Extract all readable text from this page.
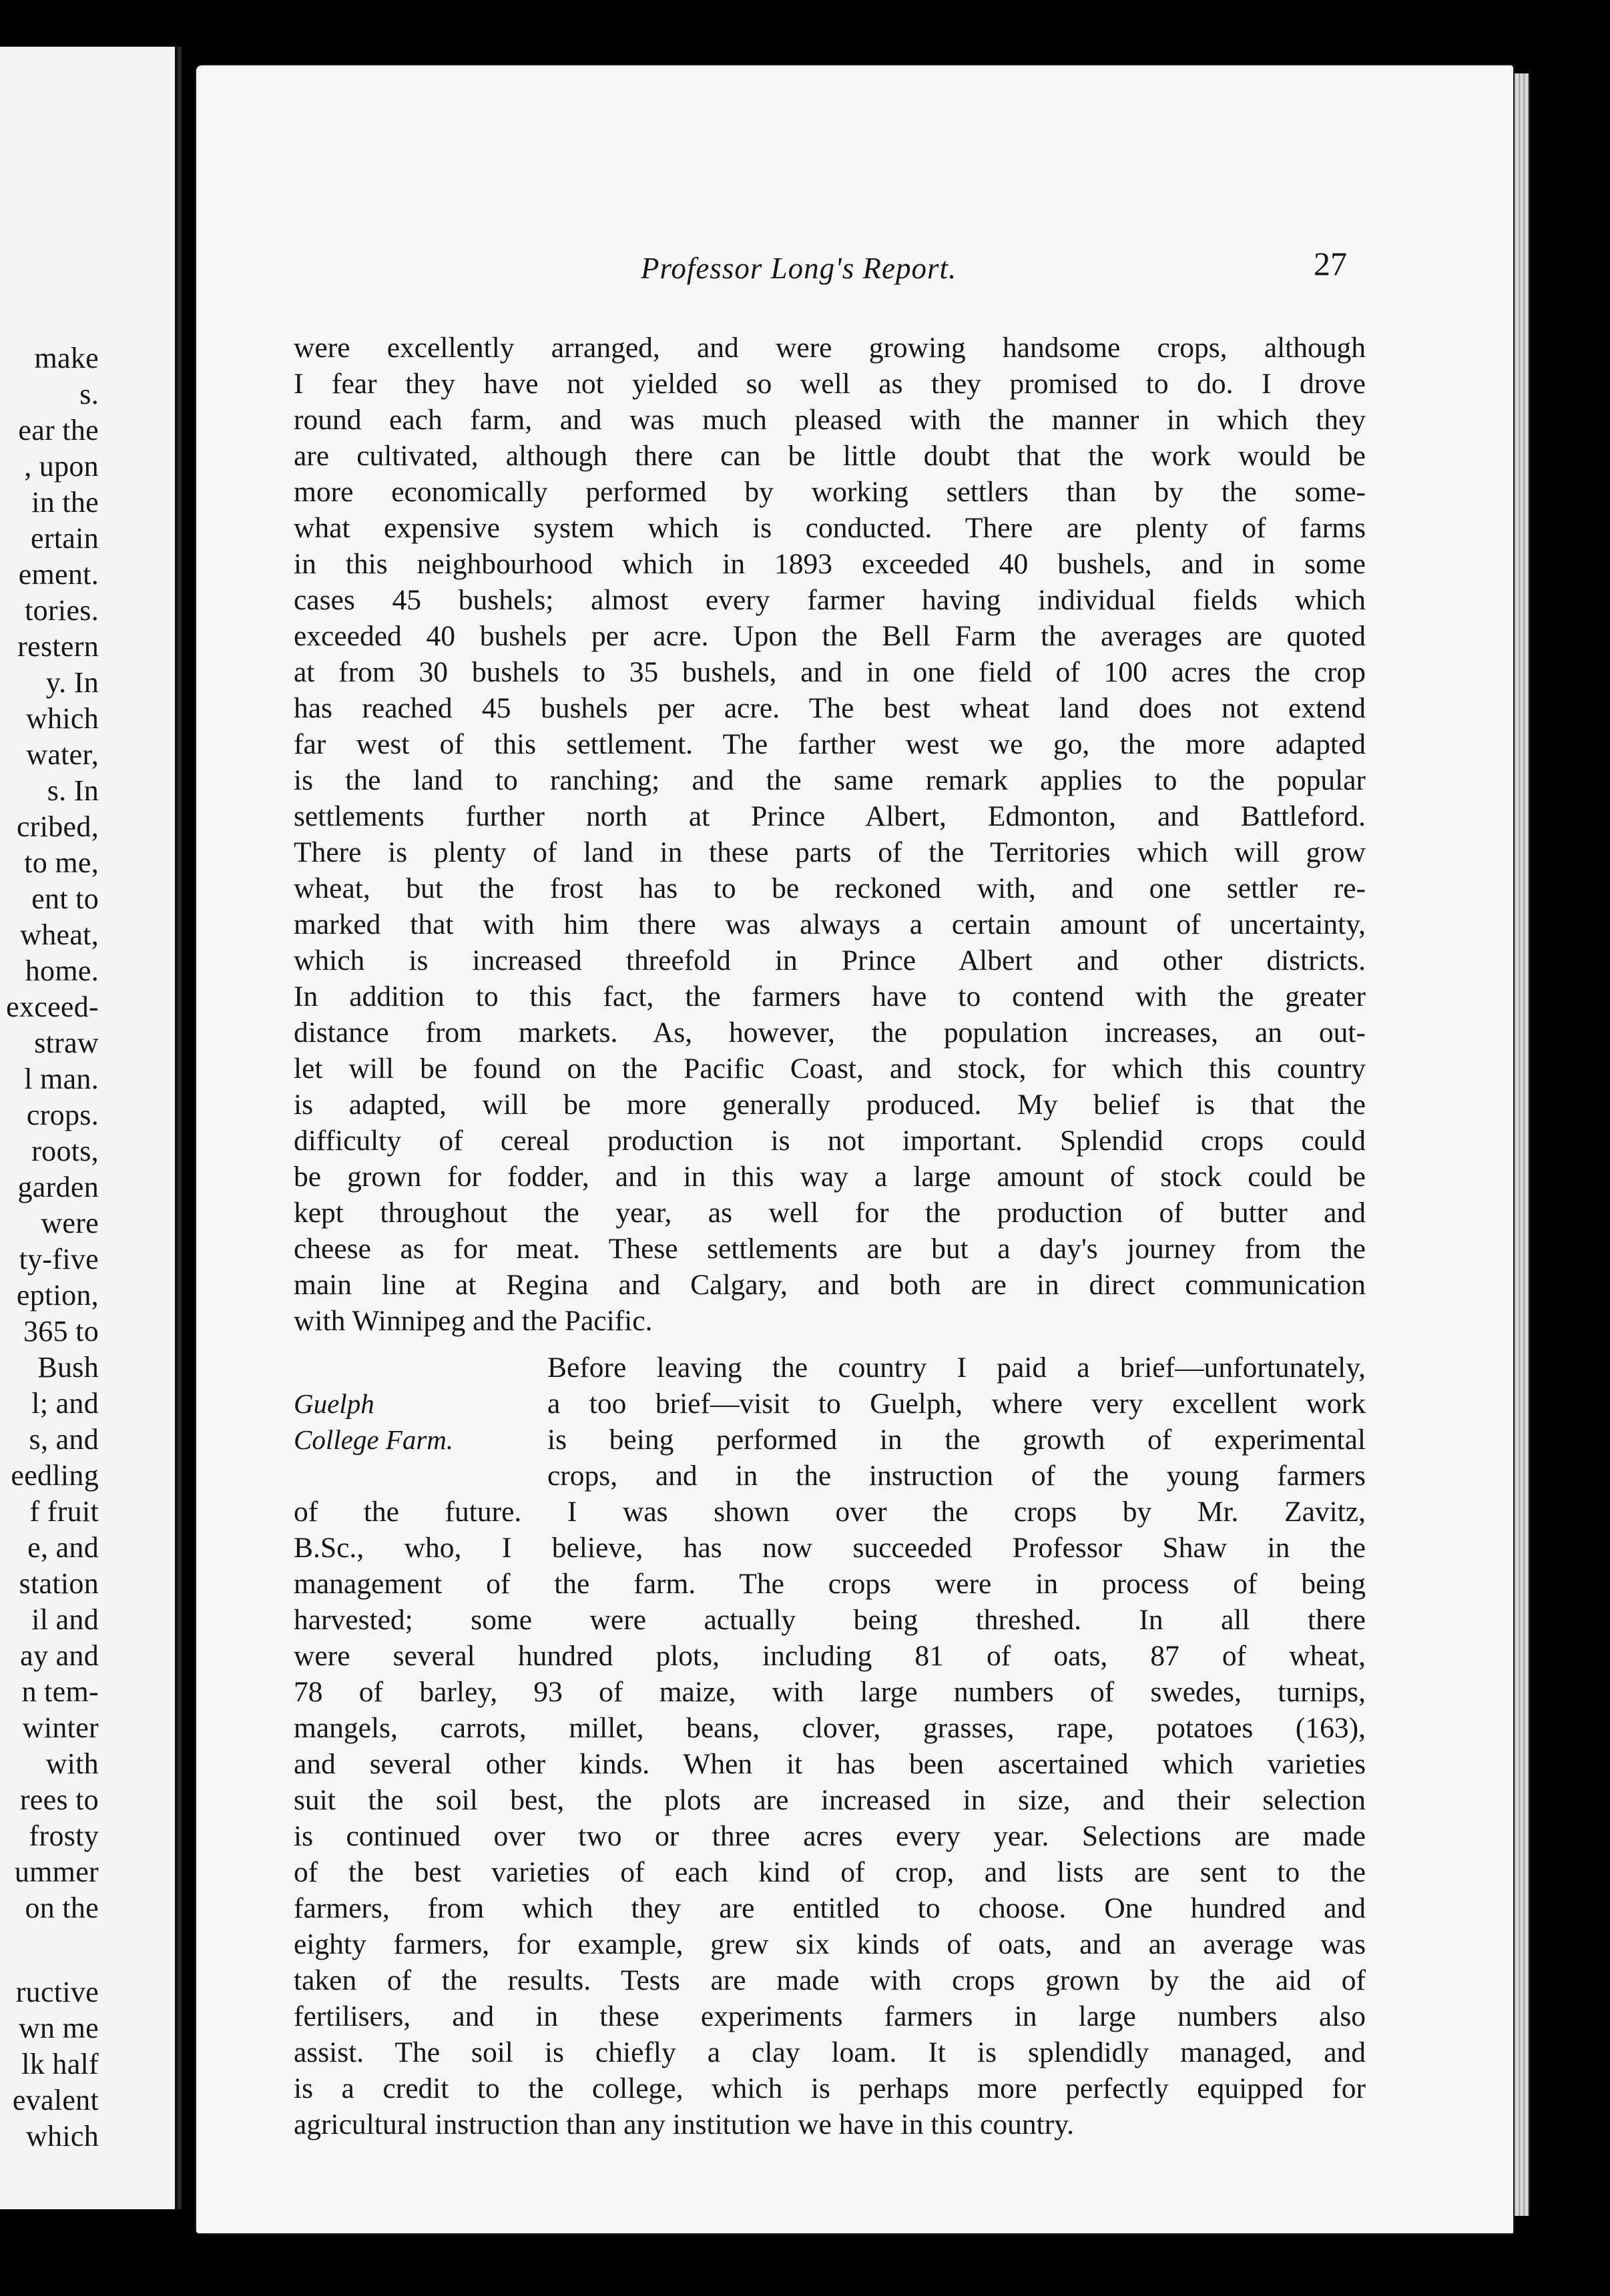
make
s.
ear the
, upon
in the
ertain
ement.
tories.
restern
y. In
which
water,
s. In
cribed,
to me,
ent to
wheat,
home.
exceed-
straw
l man.
crops.
roots,
garden
were
ty-five
eption,
365 to
Bush
l; and
s, and
eedling
f fruit
e, and
station
il and
ay and
n tem-
winter
with
rees to
frosty
ummer
on the
ructive
wn me
lk half
evalent
which
Professor Long's Report.	27
Guelph
College Farm.
were excellently arranged, and were growing handsome crops, although
I fear they have not yielded so well as they promised to do. I drove
round each farm, and was much pleased with the manner in which they
are cultivated, although there can be little doubt that the work would be
more economically performed by working settlers than by the some-
what expensive system which is conducted. There are plenty of farms
in this neighbourhood which in 1893 exceeded 40 bushels, and in some
cases 45 bushels; almost every farmer having individual fields which
exceeded 40 bushels per acre. Upon the Bell Farm the averages are quoted
at from 30 bushels to 35 bushels, and in one field of 100 acres the crop
has reached 45 bushels per acre. The best wheat land does not extend
far west of this settlement. The farther west we go, the more adapted
is the land to ranching; and the same remark applies to the popular
settlements further north at Prince Albert, Edmonton, and Battleford.
There is plenty of land in these parts of the Territories which will grow
wheat, but the frost has to be reckoned with, and one settler re-
marked that with him there was always a certain amount of uncertainty,
which is increased threefold in Prince Albert and other districts.
In addition to this fact, the farmers have to contend with the greater
distance from markets. As, however, the population increases, an out-
let will be found on the Pacific Coast, and stock, for which this country
is adapted, will be more generally produced. My belief is that the
difficulty of cereal production is not important. Splendid crops could
be grown for fodder, and in this way a large amount of stock could be
kept throughout the year, as well for the production of butter and
cheese as for meat. These settlements are but a day's journey from the
main line at Regina and Calgary, and both are in direct communication
with Winnipeg and the Pacific.
Before leaving the country I paid a brief—unfortunately,
a too brief—visit to Guelph, where very excellent work
is being performed in the growth of experimental
crops, and in the instruction of the young farmers
of the future. I was shown over the crops by Mr. Zavitz,
B.Sc., who, I believe, has now succeeded Professor Shaw in the
management of the farm. The crops were in process of being
harvested; some were actually being threshed. In all there
were several hundred plots, including 81 of oats, 87 of wheat,
78 of barley, 93 of maize, with large numbers of swedes, turnips,
mangels, carrots, millet, beans, clover, grasses, rape, potatoes (163),
and several other kinds. When it has been ascertained which varieties
suit the soil best, the plots are increased in size, and their selection
is continued over two or three acres every year. Selections are made
of the best varieties of each kind of crop, and lists are sent to the
farmers, from which they are entitled to choose. One hundred and
eighty farmers, for example, grew six kinds of oats, and an average was
taken of the results. Tests are made with crops grown by the aid of
fertilisers, and in these experiments farmers in large numbers also
assist. The soil is chiefly a clay loam. It is splendidly managed, and
is a credit to the college, which is perhaps more perfectly equipped for
agricultural instruction than any institution we have in this country.
